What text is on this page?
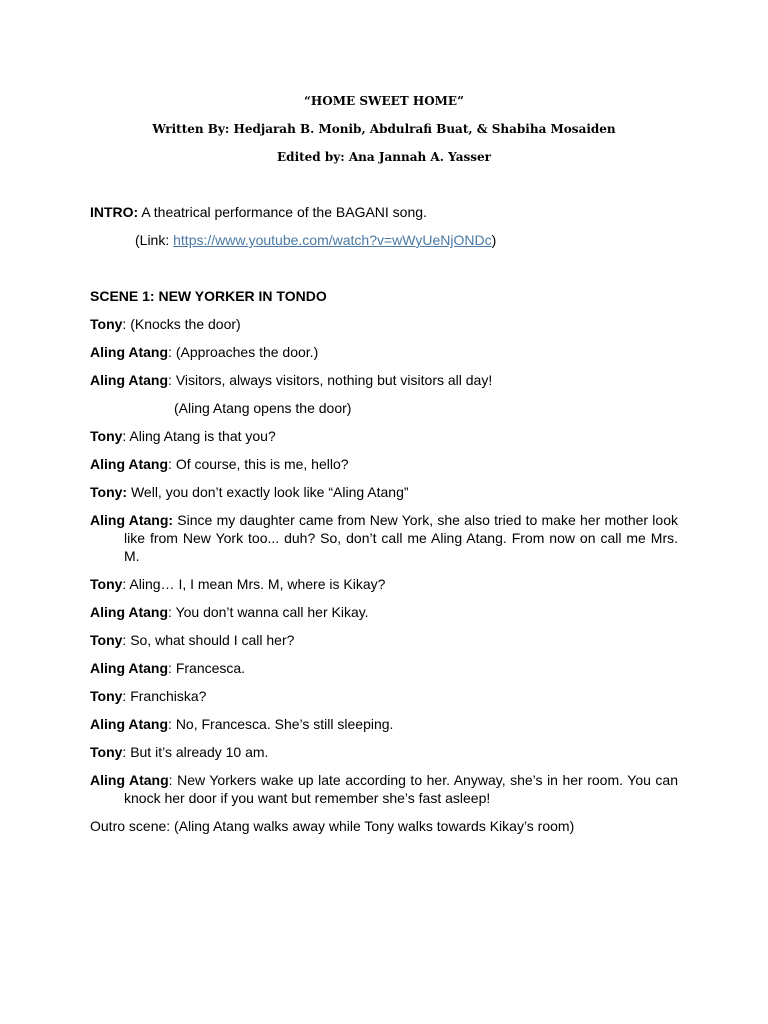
“HOME SWEET HOME”
Written By: Hedjarah B. Monib, Abdulrafi Buat, & Shabiha Mosaiden
Edited by: Ana Jannah A. Yasser

INTRO: A theatrical performance of the BAGANI song.

(Link: https://www.youtube.com/watch?v=wWyUeNjONDc)

SCENE 1: NEW YORKER IN TONDO

Tony: (Knocks the door)

Aling Atang: (Approaches the door.)

Aling Atang: Visitors, always visitors, nothing but visitors all day!

(Aling Atang opens the door)

Tony: Aling Atang is that you?

Aling Atang: Of course, this is me, hello?

Tony: Well, you don’t exactly look like “Aling Atang”

Aling Atang: Since my daughter came from New York, she also tried to make her mother look like from New York too... duh? So, don’t call me Aling Atang. From now on call me Mrs. M.

Tony: Aling… I, I mean Mrs. M, where is Kikay?

Aling Atang: You don’t wanna call her Kikay.

Tony: So, what should I call her?

Aling Atang: Francesca.

Tony: Franchiska?

Aling Atang: No, Francesca. She’s still sleeping.

Tony: But it’s already 10 am.

Aling Atang: New Yorkers wake up late according to her. Anyway, she’s in her room. You can knock her door if you want but remember she’s fast asleep!

Outro scene: (Aling Atang walks away while Tony walks towards Kikay’s room)
